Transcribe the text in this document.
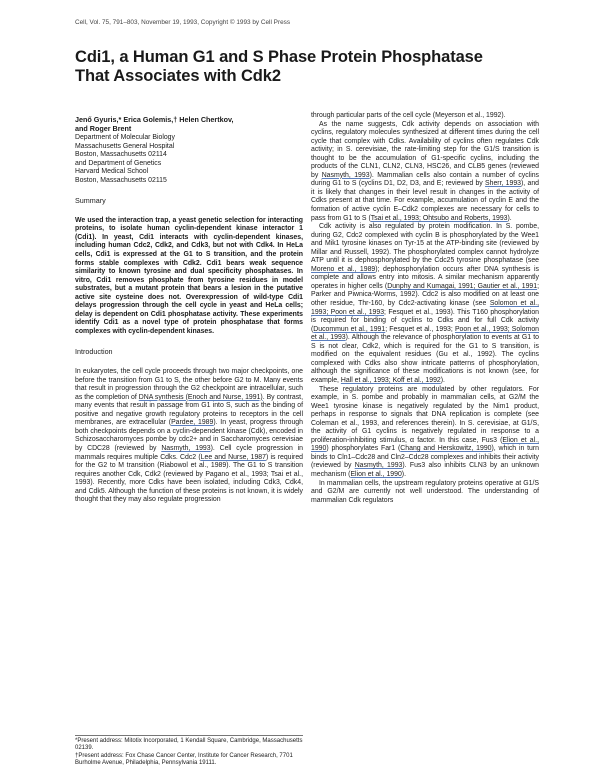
Cell, Vol. 75, 791–803, November 19, 1993, Copyright © 1993 by Cell Press
Cdi1, a Human G1 and S Phase Protein Phosphatase
That Associates with Cdk2
Jenő Gyuris,* Erica Golemis,† Helen Chertkov,
and Roger Brent
Department of Molecular Biology
Massachusetts General Hospital
Boston, Massachusetts 02114
and Department of Genetics
Harvard Medical School
Boston, Massachusetts 02115
Summary

We used the interaction trap, a yeast genetic selection for interacting proteins, to isolate human cyclin-dependent kinase interactor 1 (Cdi1). In yeast, Cdi1 interacts with cyclin-dependent kinases, including human Cdc2, Cdk2, and Cdk3, but not with Cdk4. In HeLa cells, Cdi1 is expressed at the G1 to S transition, and the protein forms stable complexes with Cdk2. Cdi1 bears weak sequence similarity to known tyrosine and dual specificity phosphatases. In vitro, Cdi1 removes phosphate from tyrosine residues in model substrates, but a mutant protein that bears a lesion in the putative active site cysteine does not. Overexpression of wild-type Cdi1 delays progression through the cell cycle in yeast and HeLa cells; delay is dependent on Cdi1 phosphatase activity. These experiments identify Cdi1 as a novel type of protein phosphatase that forms complexes with cyclin-dependent kinases.

Introduction

In eukaryotes, the cell cycle proceeds through two major checkpoints, one before the transition from G1 to S, the other before G2 to M. Many events that result in progression through the G2 checkpoint are intracellular, such as the completion of DNA synthesis (Enoch and Nurse, 1991). By contrast, many events that result in passage from G1 into S, such as the binding of positive and negative growth regulatory proteins to receptors in the cell membranes, are extracellular (Pardee, 1989). In yeast, progress through both checkpoints depends on a cyclin-dependent kinase (Cdk), encoded in Schizosaccharomyces pombe by cdc2+ and in Saccharomyces cerevisiae by CDC28 (reviewed by Nasmyth, 1993). Cell cycle progression in mammals requires multiple Cdks. Cdc2 (Lee and Nurse, 1987) is required for the G2 to M transition (Riabowol et al., 1989). The G1 to S transition requires another Cdk, Cdk2 (reviewed by Pagano et al., 1993; Tsai et al., 1993). Recently, more Cdks have been isolated, including Cdk3, Cdk4, and Cdk5. Although the function of these proteins is not known, it is widely thought that they may also regulate progression

through particular parts of the cell cycle (Meyerson et al., 1992).

As the name suggests, Cdk activity depends on association with cyclins, regulatory molecules synthesized at different times during the cell cycle that complex with Cdks. Availability of cyclins often regulates Cdk activity; in S. cerevisiae, the rate-limiting step for the G1/S transition is thought to be the accumulation of G1-specific cyclins, including the products of the CLN1, CLN2, CLN3, HSC26, and CLB5 genes (reviewed by Nasmyth, 1993). Mammalian cells also contain a number of cyclins during G1 to S (cyclins D1, D2, D3, and E; reviewed by Sherr, 1993), and it is likely that changes in their level result in changes in the activity of Cdks present at that time. For example, accumulation of cyclin E and the formation of active cyclin E–Cdk2 complexes are necessary for cells to pass from G1 to S (Tsai et al., 1993; Ohtsubo and Roberts, 1993).

Cdk activity is also regulated by protein modification. In S. pombe, during G2, Cdc2 complexed with cyclin B is phosphorylated by the Wee1 and Mik1 tyrosine kinases on Tyr-15 at the ATP-binding site (reviewed by Millar and Russell, 1992). The phosphorylated complex cannot hydrolyze ATP until it is dephosphorylated by the Cdc25 tyrosine phosphatase (see Moreno et al., 1989); dephosphorylation occurs after DNA synthesis is complete and allows entry into mitosis. A similar mechanism apparently operates in higher cells (Dunphy and Kumagai, 1991; Gautier et al., 1991; Parker and Piwnica-Worms, 1992). Cdc2 is also modified on at least one other residue, Thr-160, by Cdc2-activating kinase (see Solomon et al., 1993; Poon et al., 1993; Fesquet et al., 1993). This T160 phosphorylation is required for binding of cyclins to Cdks and for full Cdk activity (Ducommun et al., 1991; Fesquet et al., 1993; Poon et al., 1993; Solomon et al., 1993). Although the relevance of phosphorylation to events at G1 to S is not clear, Cdk2, which is required for the G1 to S transition, is modified on the equivalent residues (Gu et al., 1992). The cyclins complexed with Cdks also show intricate patterns of phosphorylation, although the significance of these modifications is not known (see, for example, Hall et al., 1993; Koff et al., 1992).

These regulatory proteins are modulated by other regulators. For example, in S. pombe and probably in mammalian cells, at G2/M the Wee1 tyrosine kinase is negatively regulated by the Nim1 product, perhaps in response to signals that DNA replication is complete (see Coleman et al., 1993, and references therein). In S. cerevisiae, at G1/S, the activity of G1 cyclins is negatively regulated in response to a proliferation-inhibiting stimulus, α factor. In this case, Fus3 (Elion et al., 1990) phosphorylates Far1 (Chang and Herskowitz, 1990), which in turn binds to Cln1–Cdc28 and Cln2–Cdc28 complexes and inhibits their activity (reviewed by Nasmyth, 1993). Fus3 also inhibits CLN3 by an unknown mechanism (Elion et al., 1990).

In mammalian cells, the upstream regulatory proteins operative at G1/S and G2/M are currently not well understood. The understanding of mammalian Cdk regulators

*Present address: Mitotix Incorporated, 1 Kendall Square, Cambridge, Massachusetts 02139.
†Present address: Fox Chase Cancer Center, Institute for Cancer Research, 7701 Burholme Avenue, Philadelphia, Pennsylvania 19111.
